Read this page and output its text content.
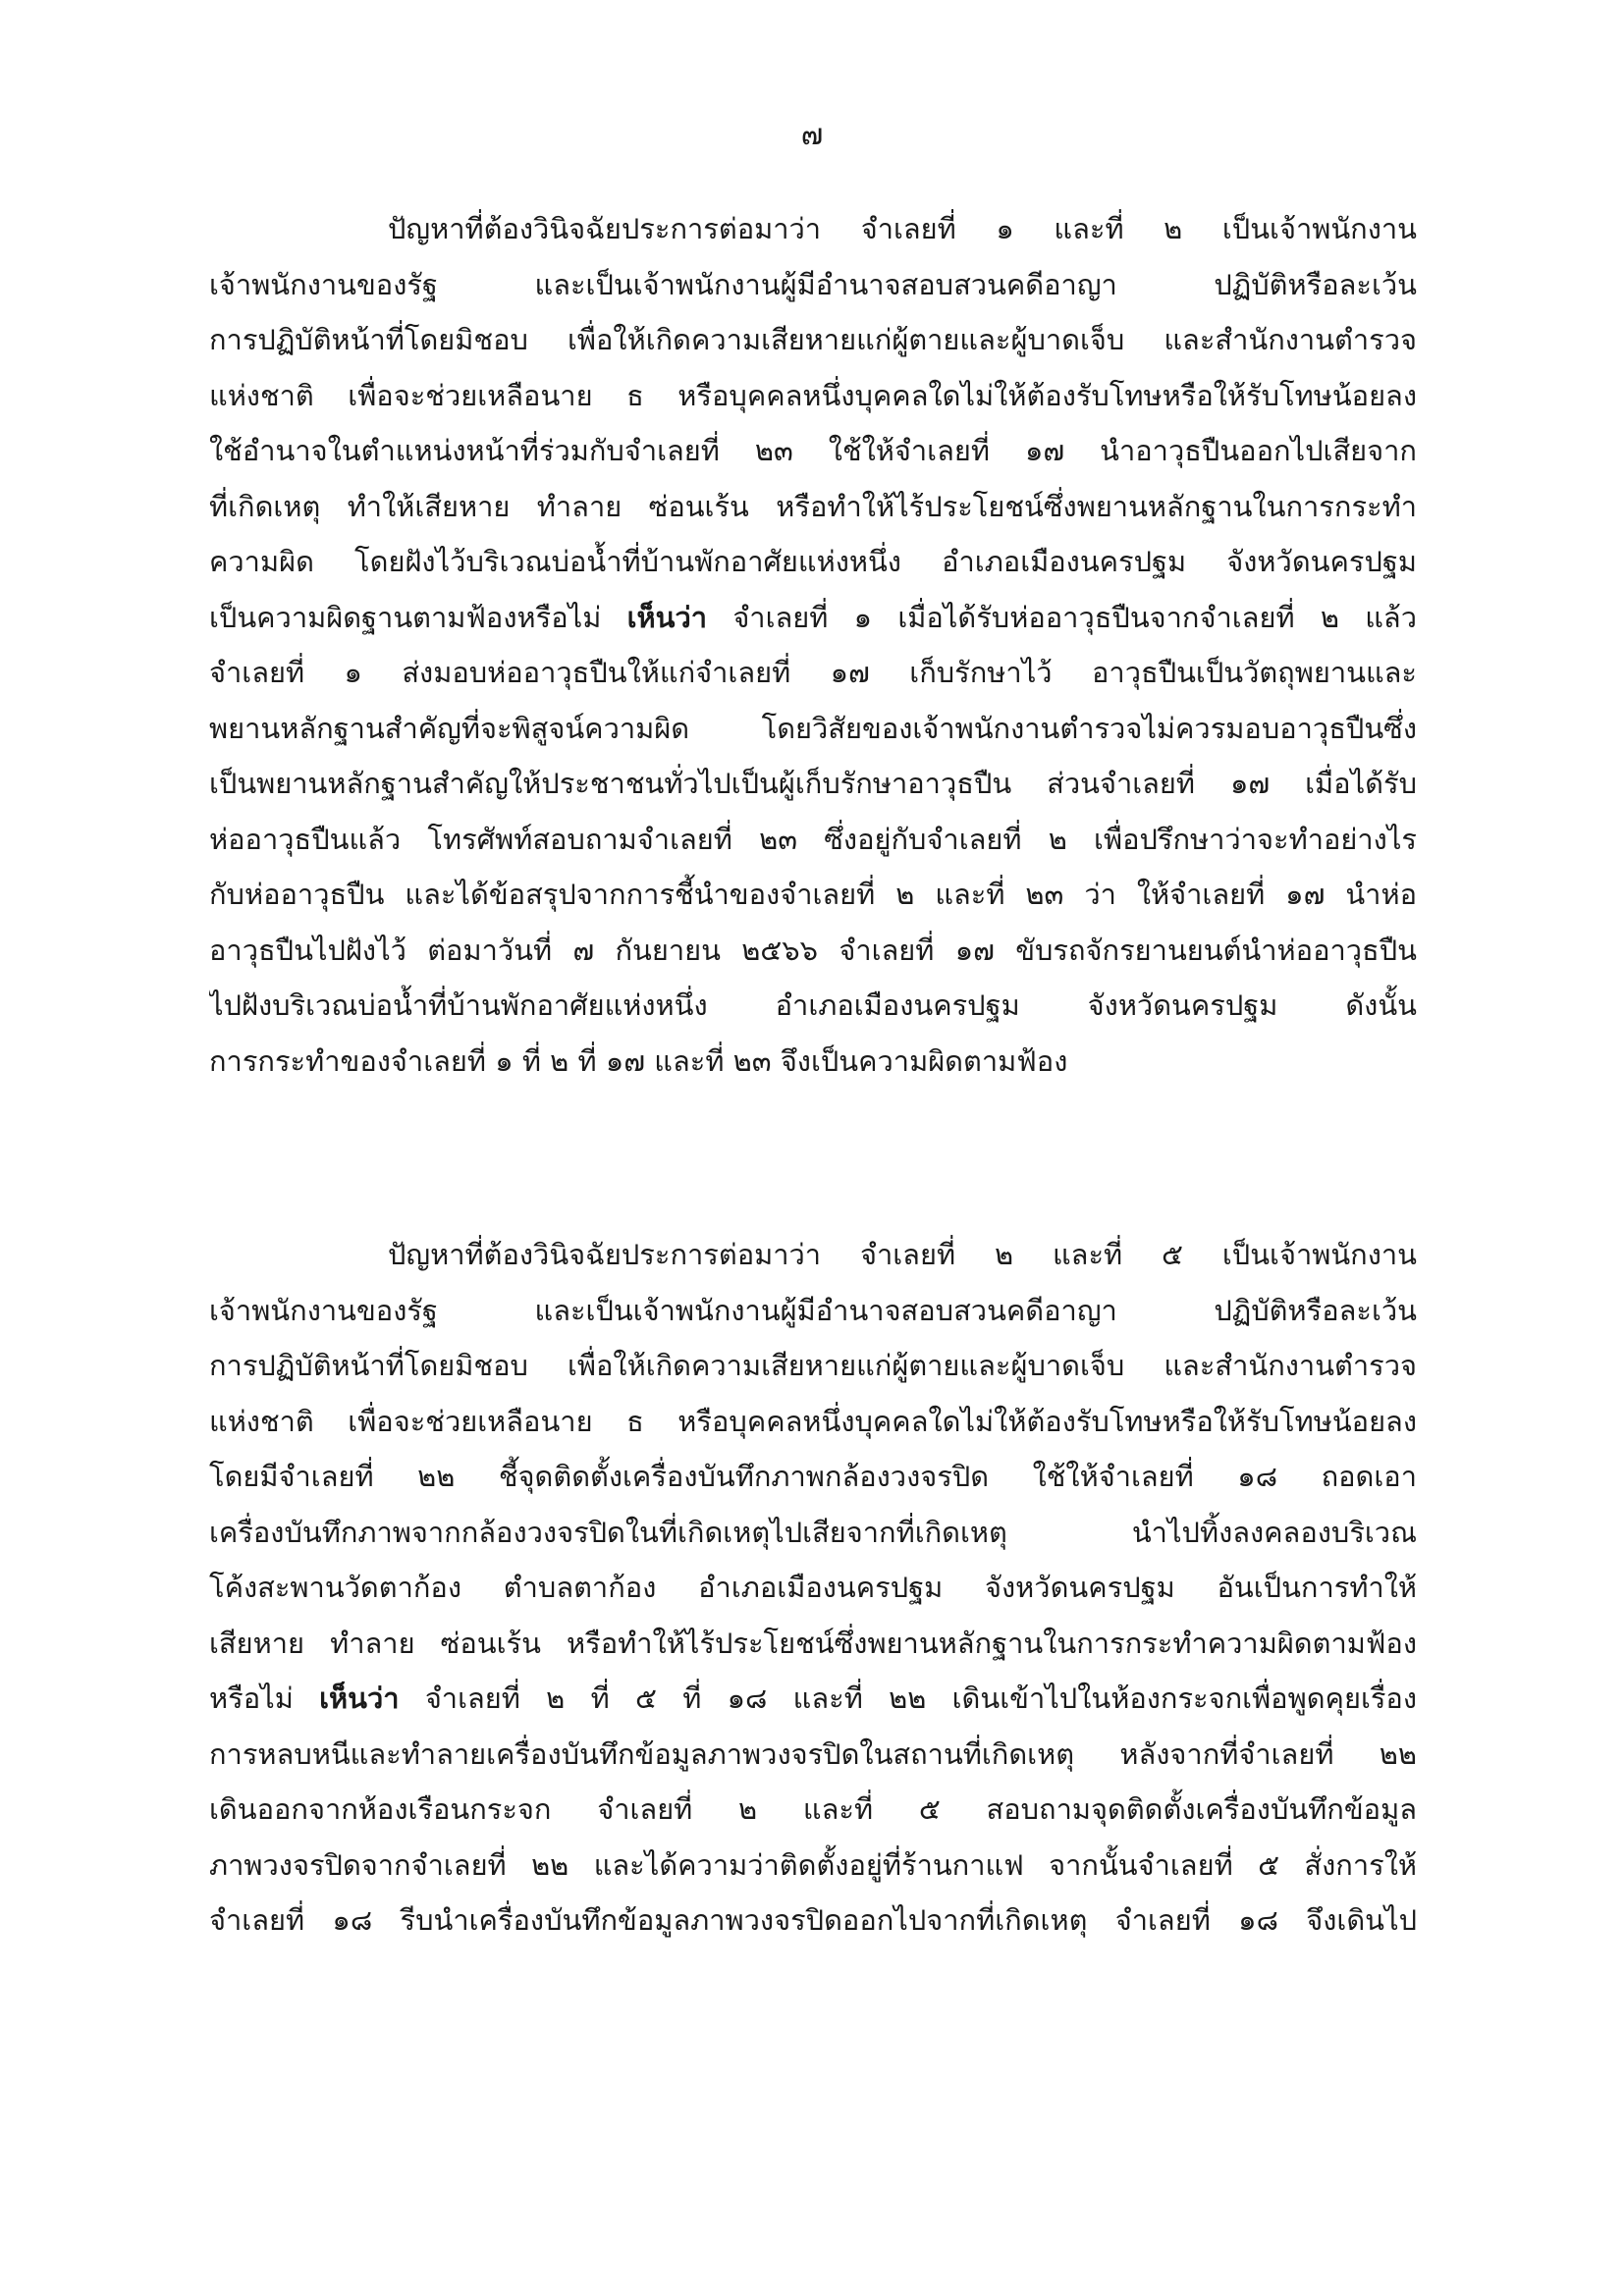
๗
ปัญหาที่ต้องวินิจฉัยประการต่อมาว่า จำเลยที่ ๑ และที่ ๒ เป็นเจ้าพนักงาน
เจ้าพนักงานของรัฐ และเป็นเจ้าพนักงานผู้มีอำนาจสอบสวนคดีอาญา ปฏิบัติหรือละเว้น
การปฏิบัติหน้าที่โดยมิชอบ เพื่อให้เกิดความเสียหายแก่ผู้ตายและผู้บาดเจ็บ และสำนักงานตำรวจ
แห่งชาติ เพื่อจะช่วยเหลือนาย ธ หรือบุคคลหนึ่งบุคคลใดไม่ให้ต้องรับโทษหรือให้รับโทษน้อยลง
ใช้อำนาจในตำแหน่งหน้าที่ร่วมกับจำเลยที่ ๒๓ ใช้ให้จำเลยที่ ๑๗ นำอาวุธปืนออกไปเสียจาก
ที่เกิดเหตุ ทำให้เสียหาย ทำลาย ซ่อนเร้น หรือทำให้ไร้ประโยชน์ซึ่งพยานหลักฐานในการกระทำ
ความผิด โดยฝังไว้บริเวณบ่อน้ำที่บ้านพักอาศัยแห่งหนึ่ง อำเภอเมืองนครปฐม จังหวัดนครปฐม
เป็นความผิดฐานตามฟ้องหรือไม่ เห็นว่า จำเลยที่ ๑ เมื่อได้รับห่ออาวุธปืนจากจำเลยที่ ๒ แล้ว
จำเลยที่ ๑ ส่งมอบห่ออาวุธปืนให้แก่จำเลยที่ ๑๗ เก็บรักษาไว้ อาวุธปืนเป็นวัตถุพยานและ
พยานหลักฐานสำคัญที่จะพิสูจน์ความผิด โดยวิสัยของเจ้าพนักงานตำรวจไม่ควรมอบอาวุธปืนซึ่ง
เป็นพยานหลักฐานสำคัญให้ประชาชนทั่วไปเป็นผู้เก็บรักษาอาวุธปืน ส่วนจำเลยที่ ๑๗ เมื่อได้รับ
ห่ออาวุธปืนแล้ว โทรศัพท์สอบถามจำเลยที่ ๒๓ ซึ่งอยู่กับจำเลยที่ ๒ เพื่อปรึกษาว่าจะทำอย่างไร
กับห่ออาวุธปืน และได้ข้อสรุปจากการชี้นำของจำเลยที่ ๒ และที่ ๒๓ ว่า ให้จำเลยที่ ๑๗ นำห่อ
อาวุธปืนไปฝังไว้ ต่อมาวันที่ ๗ กันยายน ๒๕๖๖ จำเลยที่ ๑๗ ขับรถจักรยานยนต์นำห่ออาวุธปืน
ไปฝังบริเวณบ่อน้ำที่บ้านพักอาศัยแห่งหนึ่ง อำเภอเมืองนครปฐม จังหวัดนครปฐม ดังนั้น
การกระทำของจำเลยที่ ๑ ที่ ๒ ที่ ๑๗ และที่ ๒๓ จึงเป็นความผิดตามฟ้อง
ปัญหาที่ต้องวินิจฉัยประการต่อมาว่า จำเลยที่ ๒ และที่ ๕ เป็นเจ้าพนักงาน
เจ้าพนักงานของรัฐ และเป็นเจ้าพนักงานผู้มีอำนาจสอบสวนคดีอาญา ปฏิบัติหรือละเว้น
การปฏิบัติหน้าที่โดยมิชอบ เพื่อให้เกิดความเสียหายแก่ผู้ตายและผู้บาดเจ็บ และสำนักงานตำรวจ
แห่งชาติ เพื่อจะช่วยเหลือนาย ธ หรือบุคคลหนึ่งบุคคลใดไม่ให้ต้องรับโทษหรือให้รับโทษน้อยลง
โดยมีจำเลยที่ ๒๒ ชี้จุดติดตั้งเครื่องบันทึกภาพกล้องวงจรปิด ใช้ให้จำเลยที่ ๑๘ ถอดเอา
เครื่องบันทึกภาพจากกล้องวงจรปิดในที่เกิดเหตุไปเสียจากที่เกิดเหตุ นำไปทิ้งลงคลองบริเวณ
โค้งสะพานวัดตาก้อง ตำบลตาก้อง อำเภอเมืองนครปฐม จังหวัดนครปฐม อันเป็นการทำให้
เสียหาย ทำลาย ซ่อนเร้น หรือทำให้ไร้ประโยชน์ซึ่งพยานหลักฐานในการกระทำความผิดตามฟ้อง
หรือไม่ เห็นว่า จำเลยที่ ๒ ที่ ๕ ที่ ๑๘ และที่ ๒๒ เดินเข้าไปในห้องกระจกเพื่อพูดคุยเรื่อง
การหลบหนีและทำลายเครื่องบันทึกข้อมูลภาพวงจรปิดในสถานที่เกิดเหตุ หลังจากที่จำเลยที่ ๒๒
เดินออกจากห้องเรือนกระจก จำเลยที่ ๒ และที่ ๕ สอบถามจุดติดตั้งเครื่องบันทึกข้อมูล
ภาพวงจรปิดจากจำเลยที่ ๒๒ และได้ความว่าติดตั้งอยู่ที่ร้านกาแฟ จากนั้นจำเลยที่ ๕ สั่งการให้
จำเลยที่ ๑๘ รีบนำเครื่องบันทึกข้อมูลภาพวงจรปิดออกไปจากที่เกิดเหตุ จำเลยที่ ๑๘ จึงเดินไป
